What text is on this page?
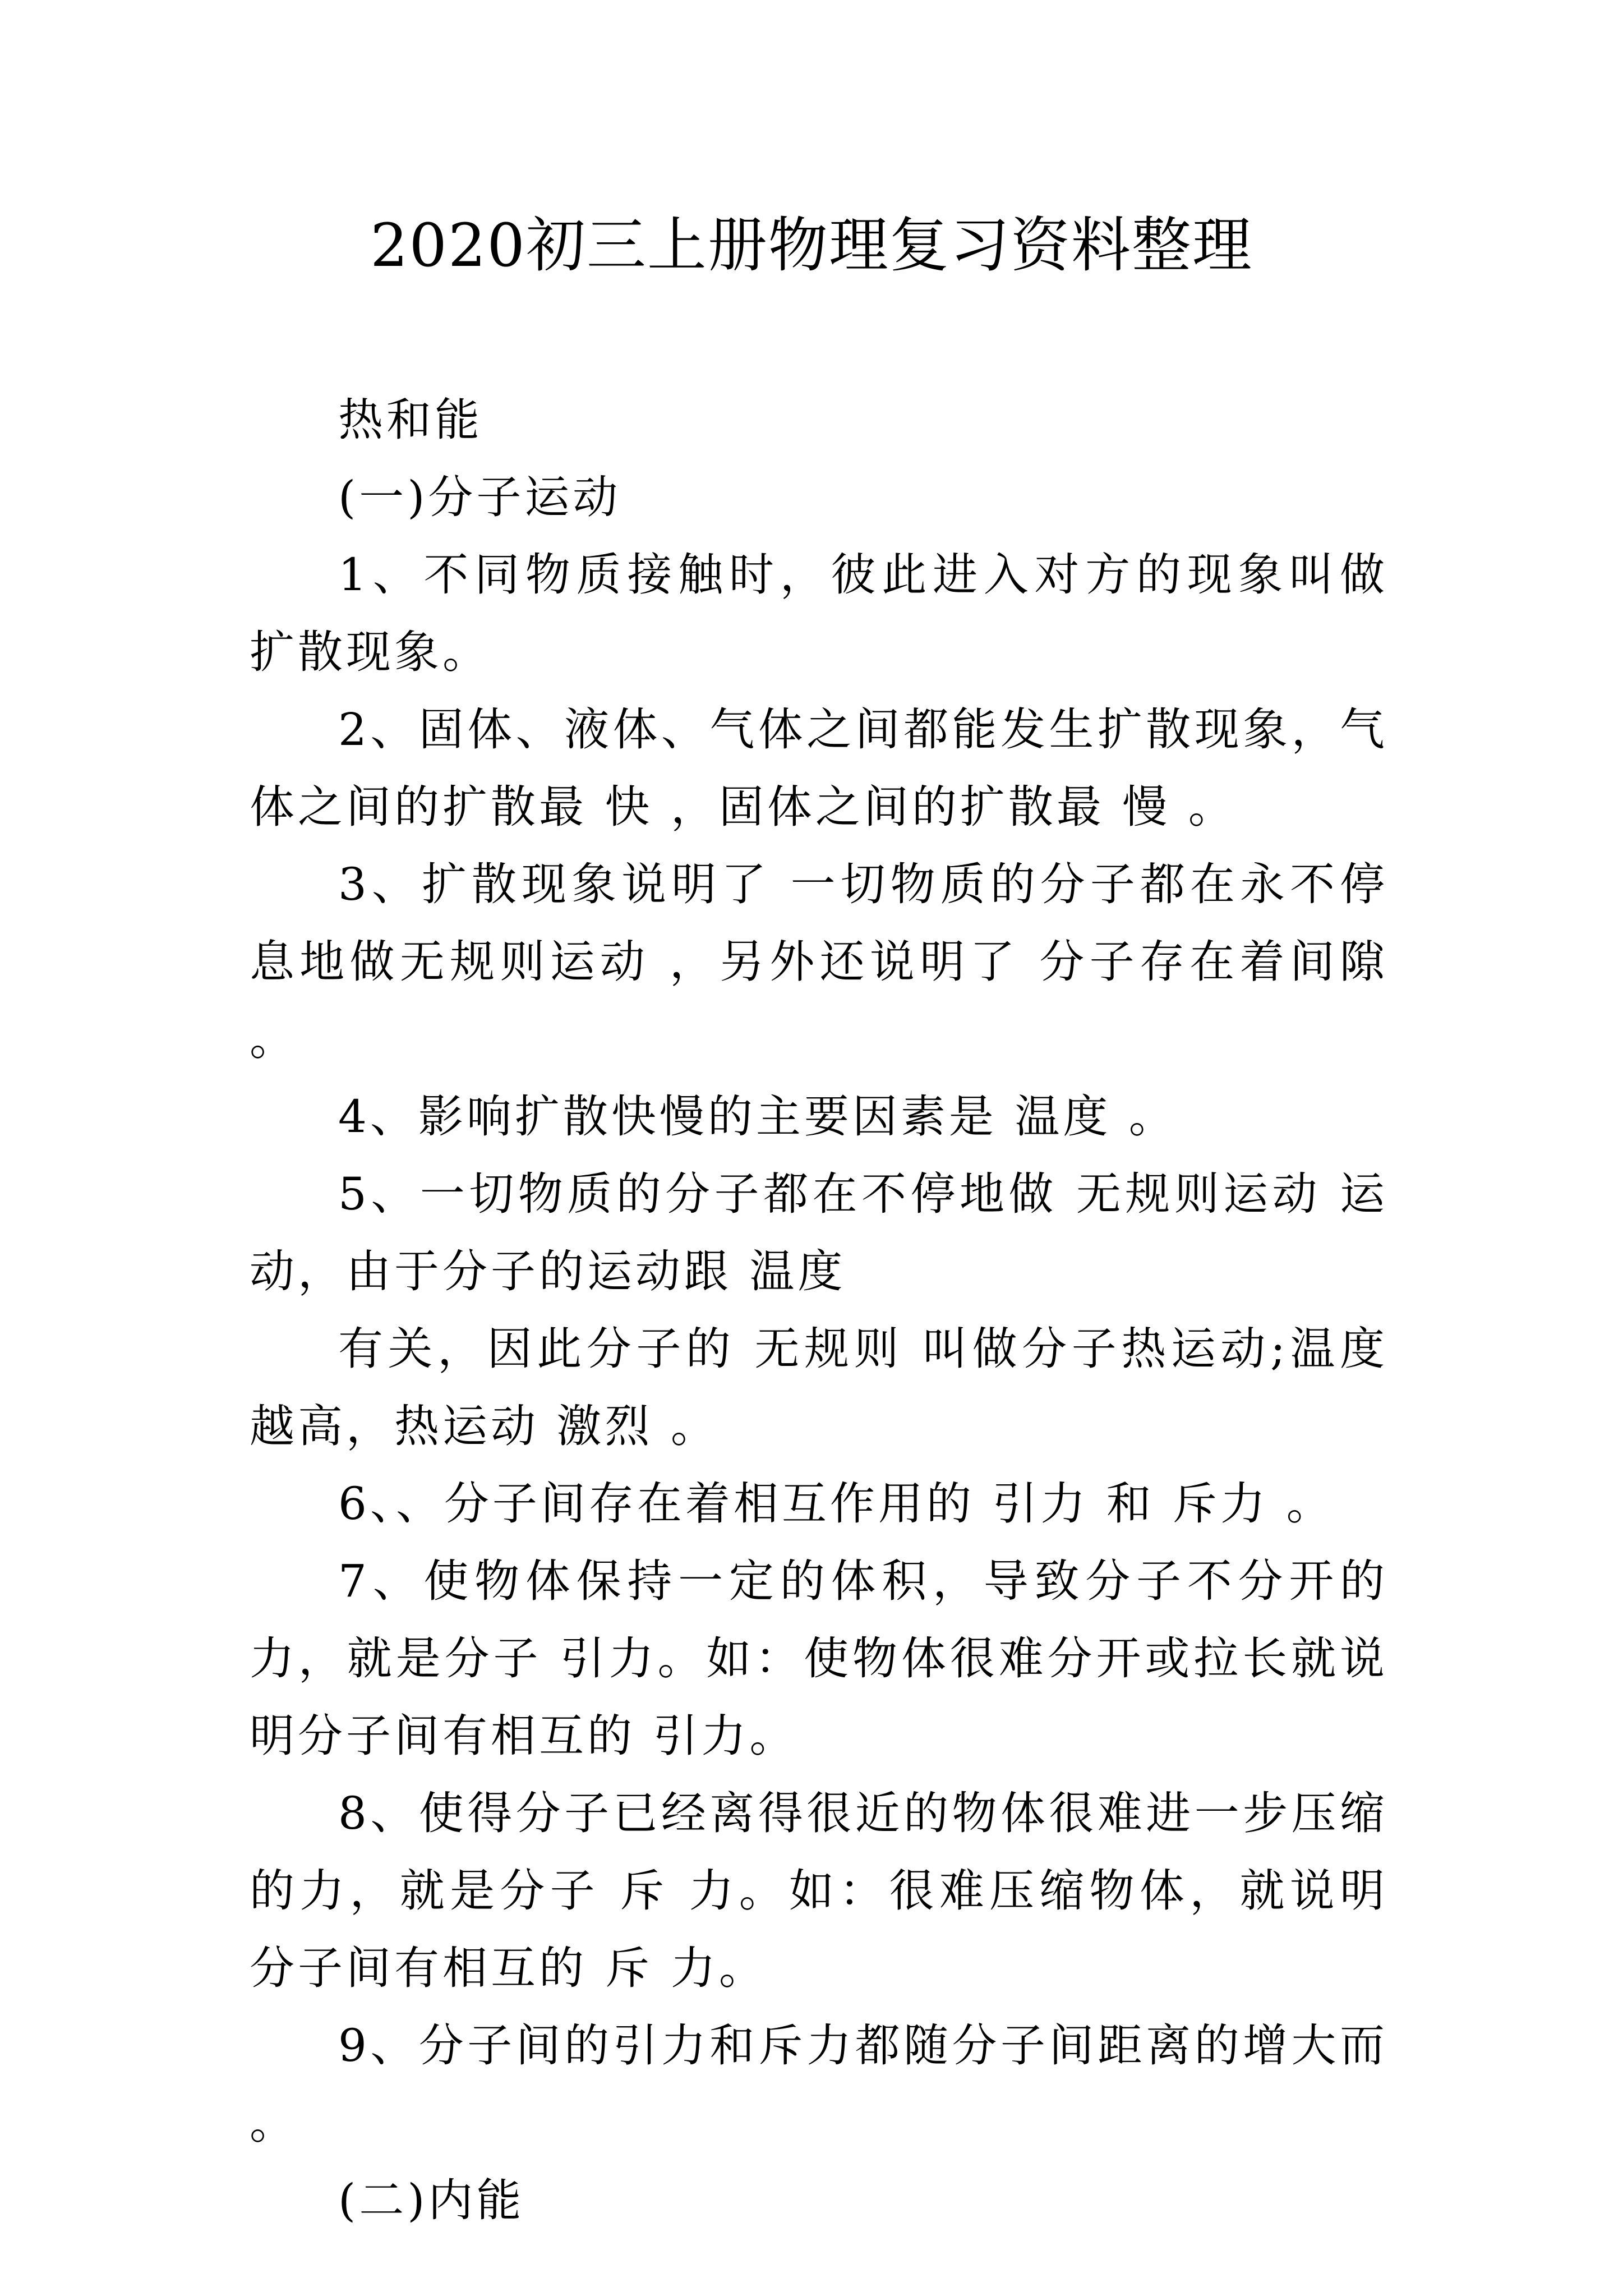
2020初三上册物理复习资料整理

热和能

(一)分子运动

1、不同物质接触时，彼此进入对方的现象叫做 扩散现象。

2、固体、液体、气体之间都能发生扩散现象，气体之间的扩散最 快 ，固体之间的扩散最 慢 。

3、扩散现象说明了 一切物质的分子都在永不停息地做无规则运动 ，另外还说明了 分子存在着间隙 。

4、影响扩散快慢的主要因素是 温度 。

5、一切物质的分子都在不停地做 无规则运动 运动，由于分子的运动跟 温度

有关，因此分子的 无规则 叫做分子热运动;温度越高，热运动 激烈 。

6、、分子间存在着相互作用的 引力 和 斥力 。

7、使物体保持一定的体积，导致分子不分开的力，就是分子 引力。如：使物体很难分开或拉长就说明分子间有相互的 引力。

8、使得分子已经离得很近的物体很难进一步压缩的力，就是分子 斥 力。如：很难压缩物体，就说明分子间有相互的 斥 力。

9、分子间的引力和斥力都随分子间距离的增大而 。

(二)内能
